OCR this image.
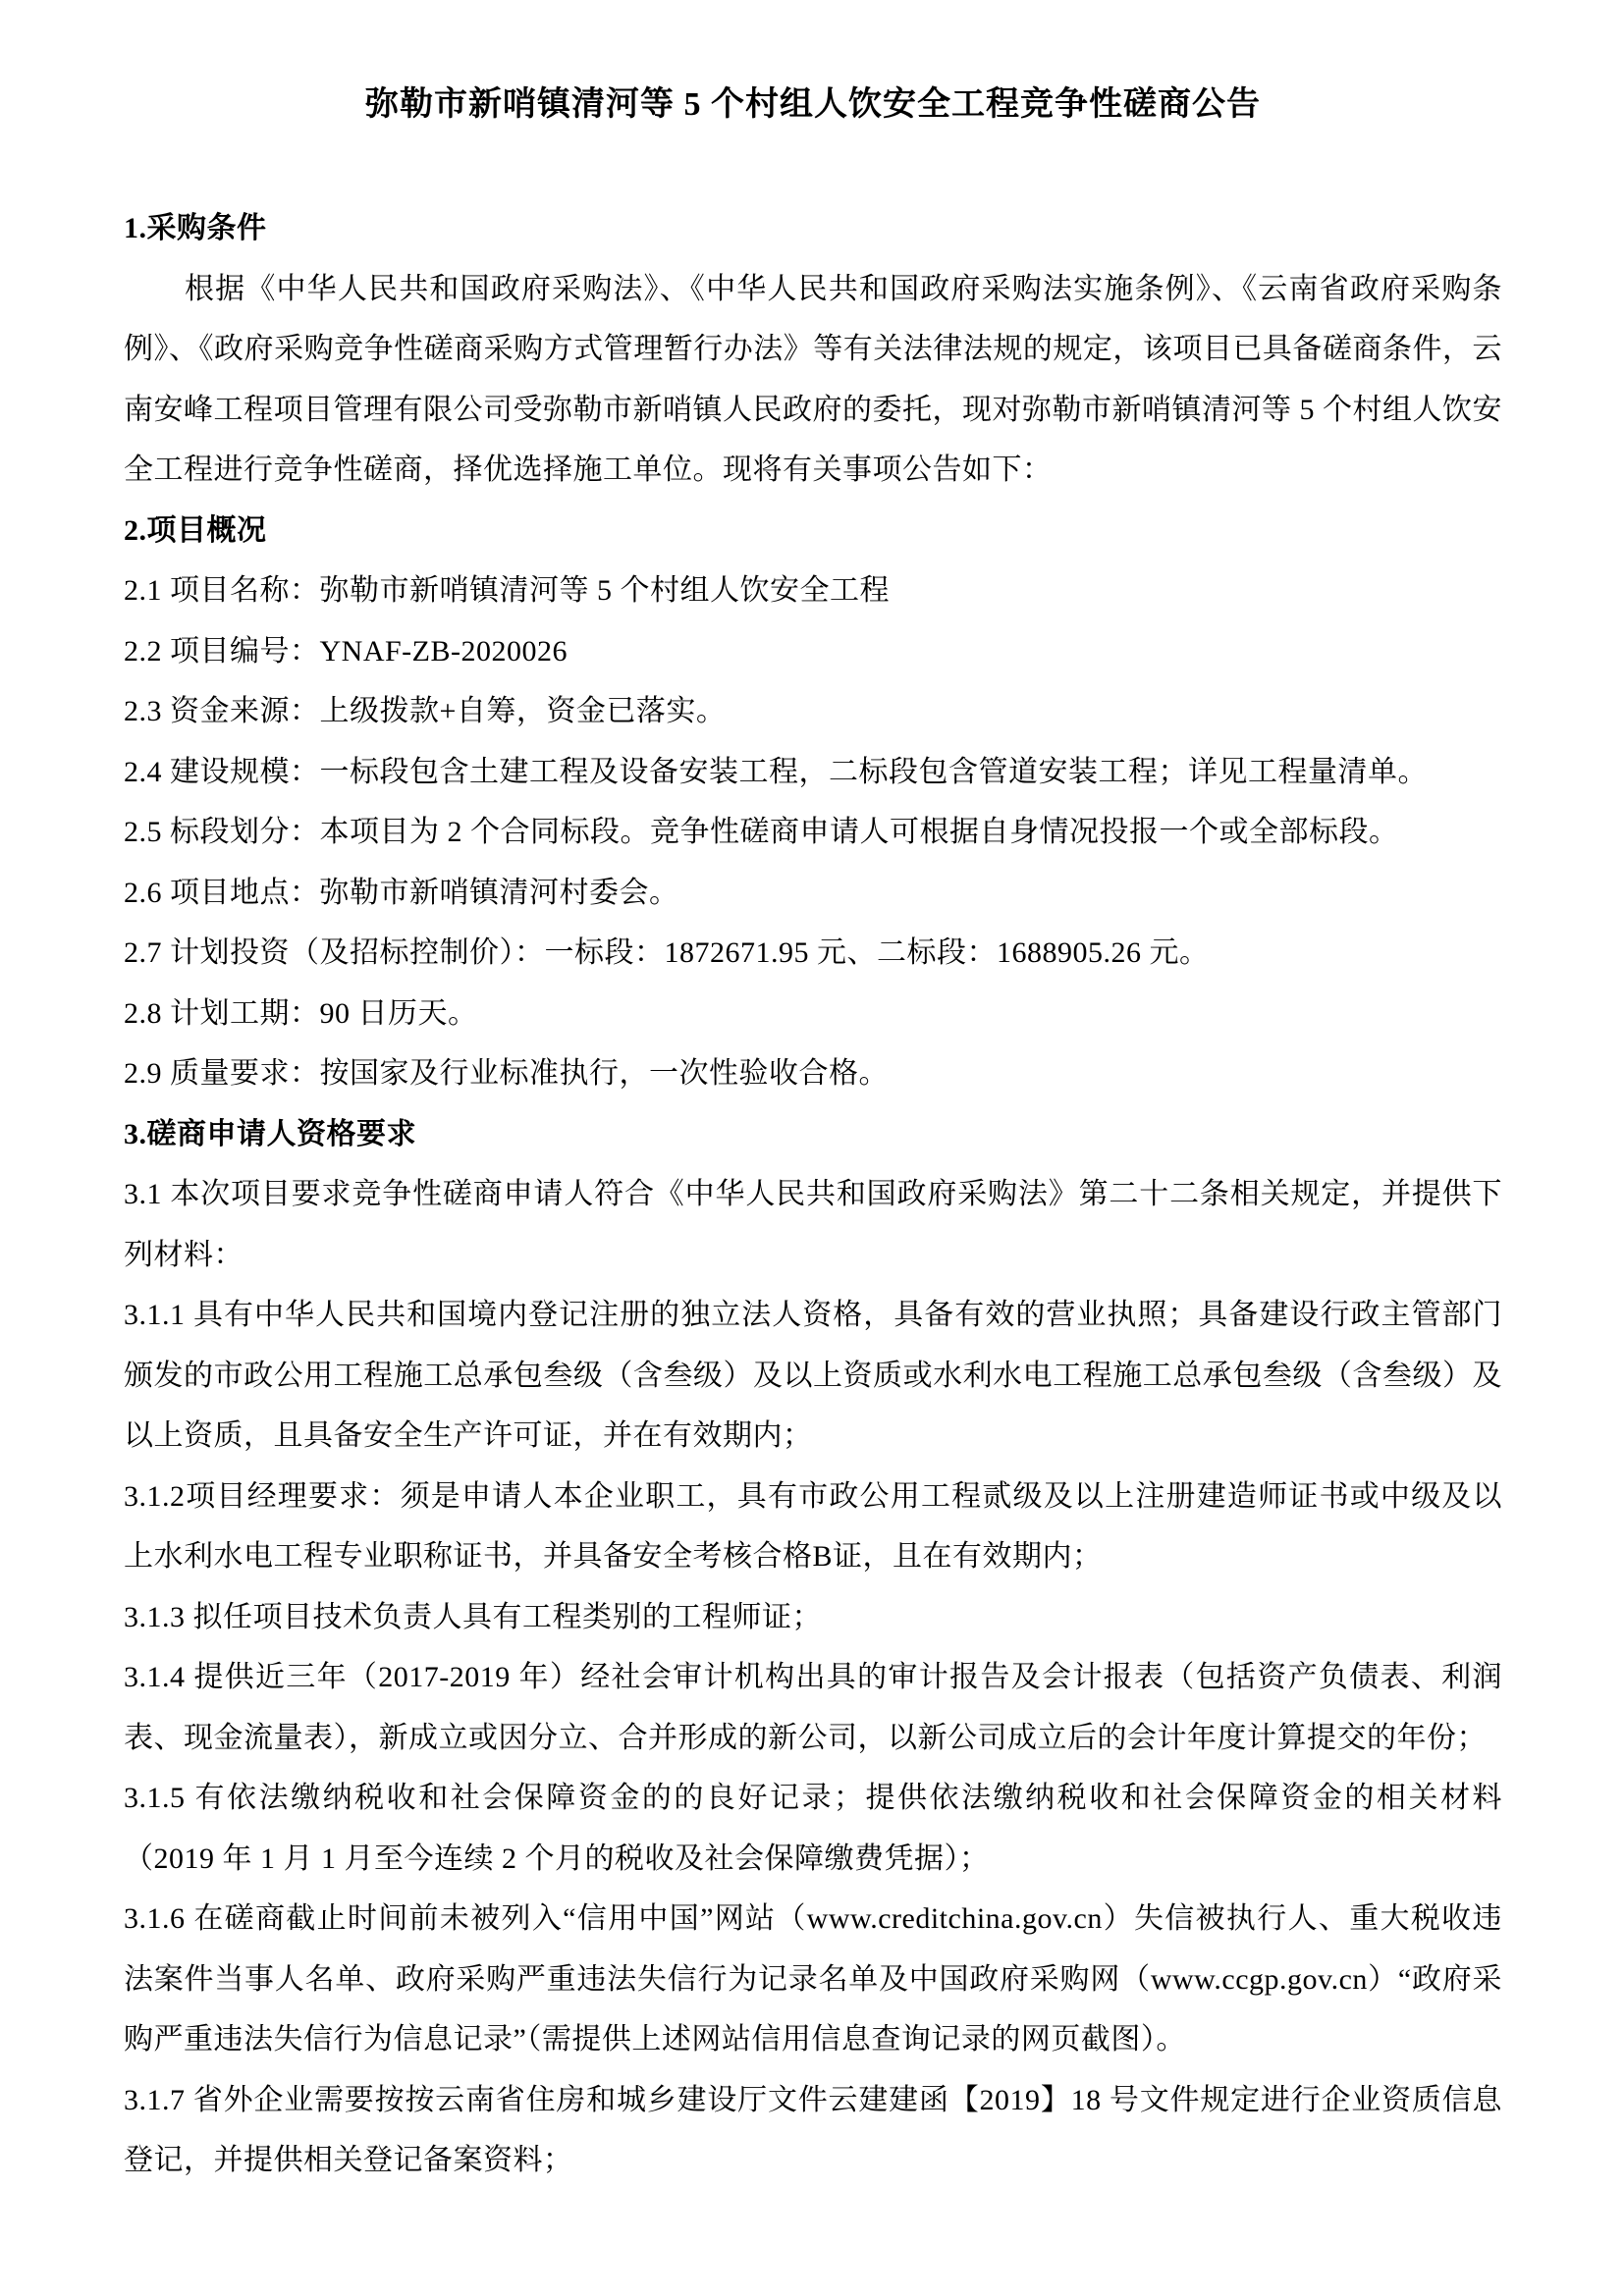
弥勒市新哨镇清河等 5 个村组人饮安全工程竞争性磋商公告
1.采购条件

根据《中华人民共和国政府采购法》、《中华人民共和国政府采购法实施条例》、《云南省政府采购条例》、《政府采购竞争性磋商采购方式管理暂行办法》等有关法律法规的规定，该项目已具备磋商条件，云南安峰工程项目管理有限公司受弥勒市新哨镇人民政府的委托，现对弥勒市新哨镇清河等 5 个村组人饮安全工程进行竞争性磋商，择优选择施工单位。现将有关事项公告如下：

2.项目概况

2.1 项目名称：弥勒市新哨镇清河等 5 个村组人饮安全工程

2.2 项目编号：YNAF-ZB-2020026

2.3 资金来源：上级拨款+自筹，资金已落实。

2.4 建设规模：一标段包含土建工程及设备安装工程，二标段包含管道安装工程；详见工程量清单。

2.5 标段划分：本项目为 2 个合同标段。竞争性磋商申请人可根据自身情况投报一个或全部标段。

2.6 项目地点：弥勒市新哨镇清河村委会。

2.7 计划投资（及招标控制价）：一标段：1872671.95 元、二标段：1688905.26 元。

2.8 计划工期：90 日历天。

2.9 质量要求：按国家及行业标准执行，一次性验收合格。

3.磋商申请人资格要求

3.1 本次项目要求竞争性磋商申请人符合《中华人民共和国政府采购法》第二十二条相关规定，并提供下列材料：

3.1.1 具有中华人民共和国境内登记注册的独立法人资格，具备有效的营业执照；具备建设行政主管部门颁发的市政公用工程施工总承包叁级（含叁级）及以上资质或水利水电工程施工总承包叁级（含叁级）及以上资质，且具备安全生产许可证，并在有效期内；

3.1.2项目经理要求：须是申请人本企业职工，具有市政公用工程贰级及以上注册建造师证书或中级及以上水利水电工程专业职称证书，并具备安全考核合格B证，且在有效期内；

3.1.3 拟任项目技术负责人具有工程类别的工程师证；

3.1.4 提供近三年（2017-2019 年）经社会审计机构出具的审计报告及会计报表（包括资产负债表、利润表、现金流量表），新成立或因分立、合并形成的新公司，以新公司成立后的会计年度计算提交的年份；

3.1.5 有依法缴纳税收和社会保障资金的的良好记录；提供依法缴纳税收和社会保障资金的相关材料（2019 年 1 月 1 月至今连续 2 个月的税收及社会保障缴费凭据）；

3.1.6 在磋商截止时间前未被列入“信用中国”网站（www.creditchina.gov.cn）失信被执行人、重大税收违法案件当事人名单、政府采购严重违法失信行为记录名单及中国政府采购网（www.ccgp.gov.cn）“政府采购严重违法失信行为信息记录”（需提供上述网站信用信息查询记录的网页截图）。

3.1.7 省外企业需要按按云南省住房和城乡建设厅文件云建建函【2019】18 号文件规定进行企业资质信息登记，并提供相关登记备案资料；
